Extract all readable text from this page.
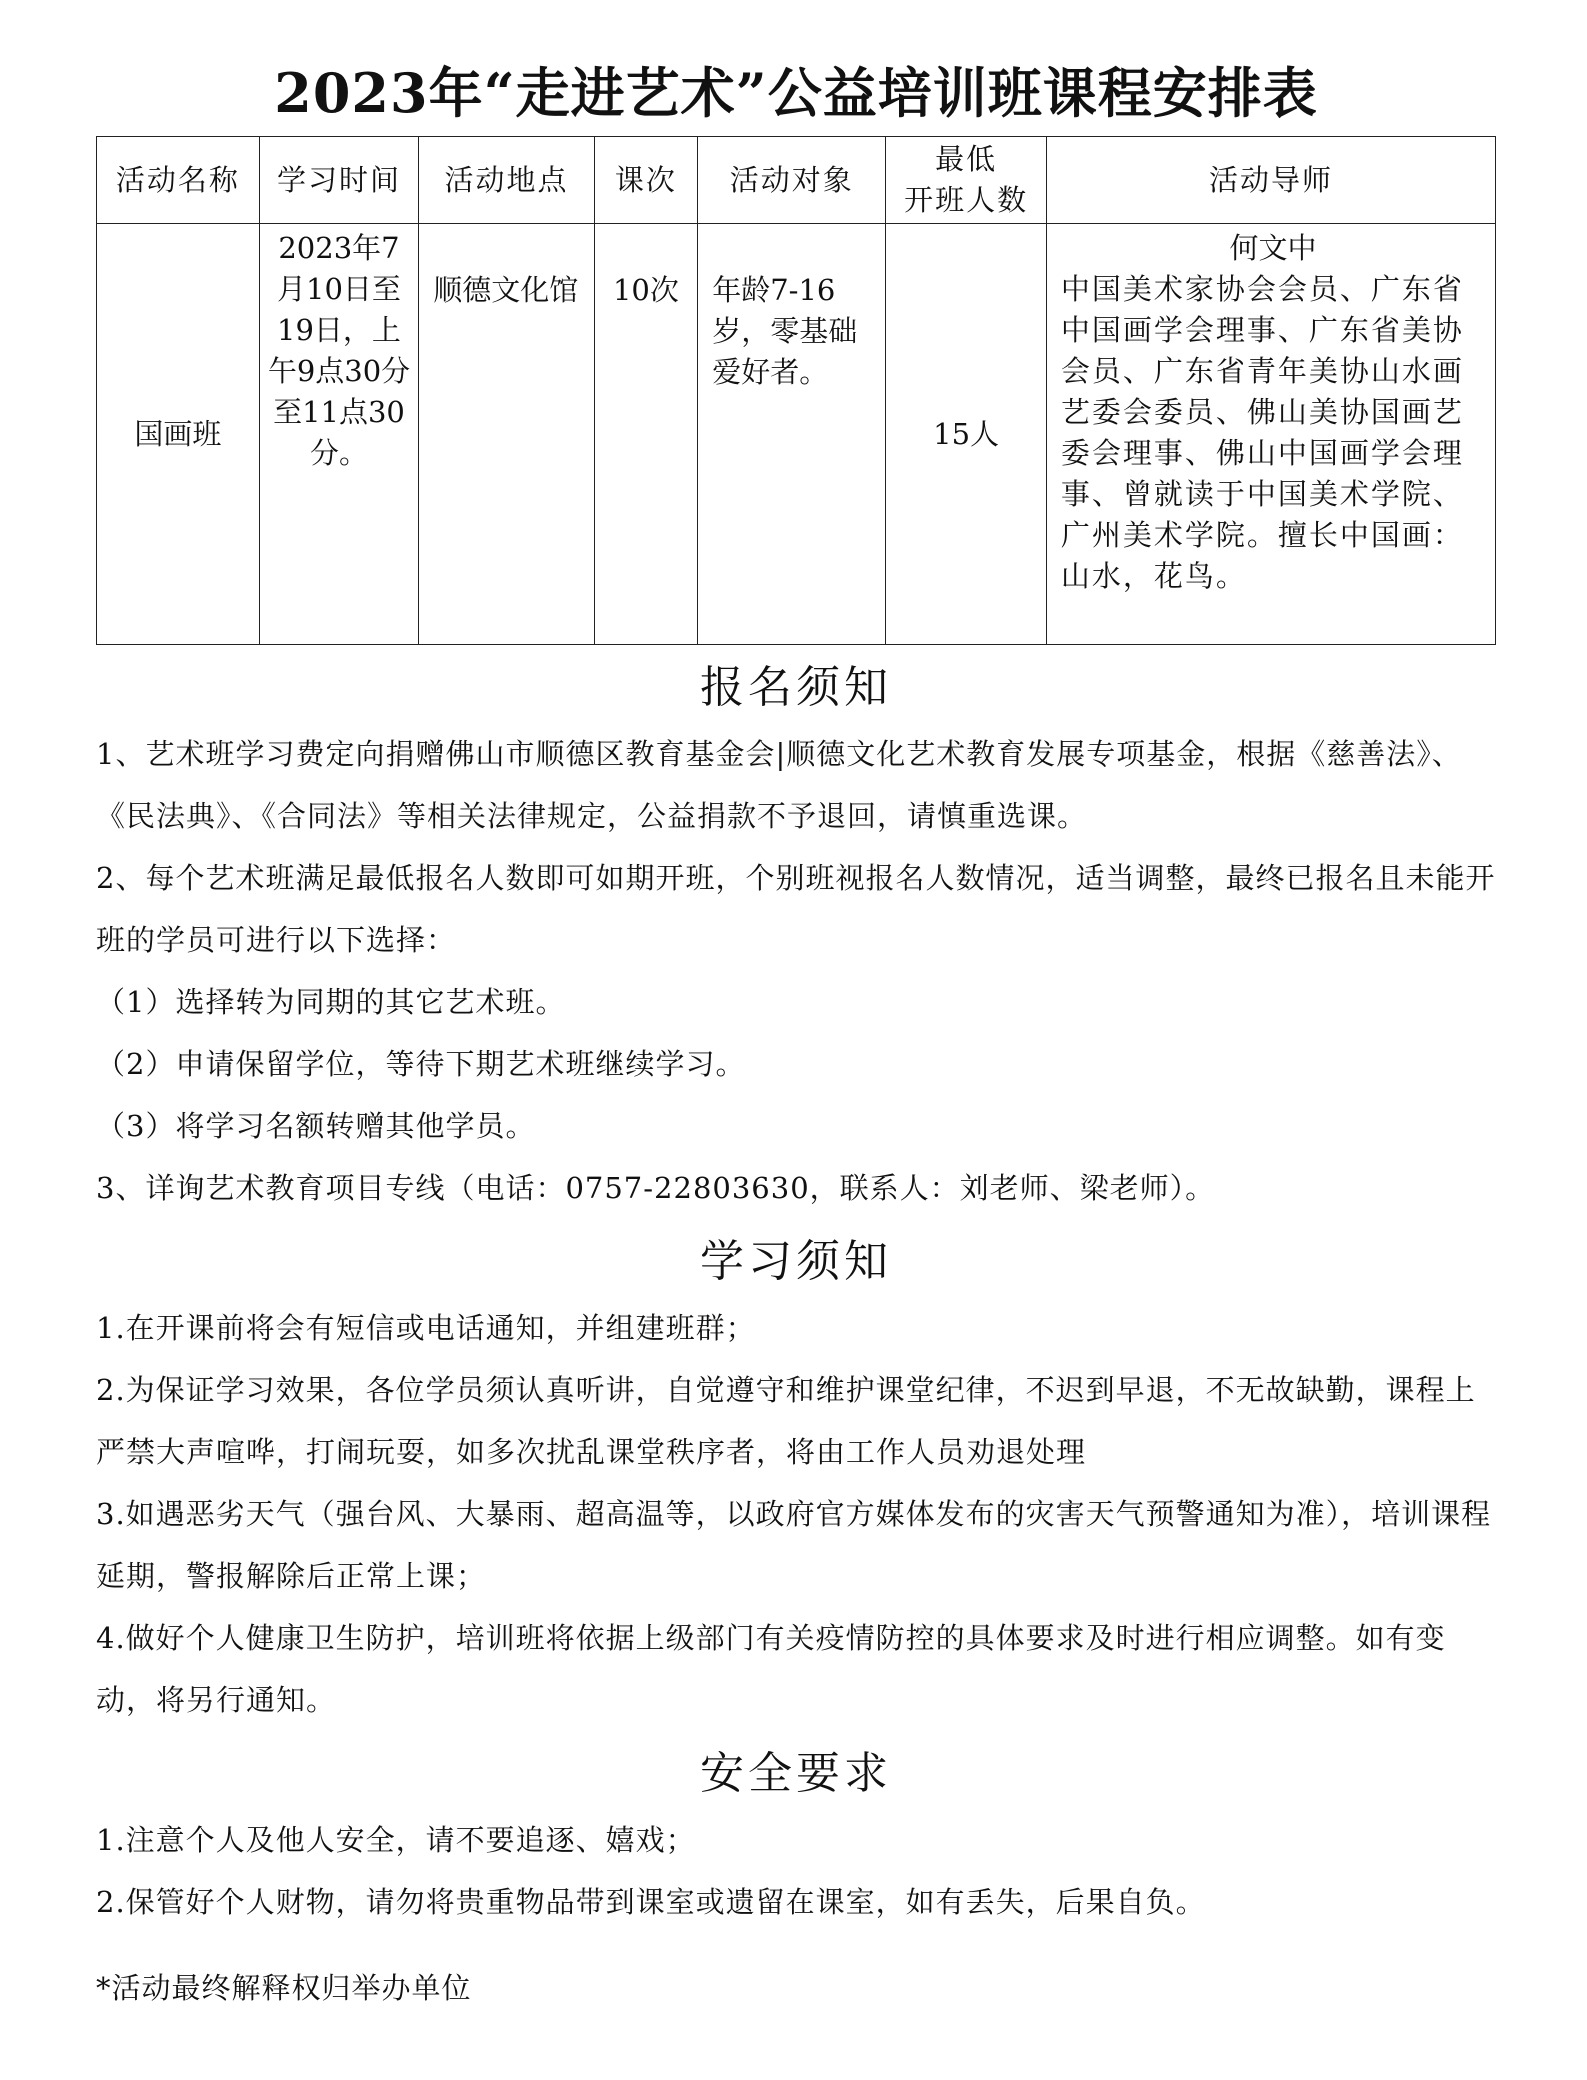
2023年“走进艺术”公益培训班课程安排表
活动名称	学习时间	活动地点	课次	活动对象	最低
开班人数	活动导师
国画班	2023年7月10日至19日，上午9点30分至11点30分。	顺德文化馆	10次	年龄7-16岁，零基础爱好者。	15人	何文中
中国美术家协会会员、广东省中国画学会理事、广东省美协会员、广东省青年美协山水画艺委会委员、佛山美协国画艺委会理事、佛山中国画学会理事、曾就读于中国美术学院、广州美术学院。擅长中国画：山水，花鸟。
报名须知

1、艺术班学习费定向捐赠佛山市顺德区教育基金会|顺德文化艺术教育发展专项基金，根据《慈善法》、《民法典》、《合同法》等相关法律规定，公益捐款不予退回，请慎重选课。

2、每个艺术班满足最低报名人数即可如期开班，个别班视报名人数情况，适当调整，最终已报名且未能开班的学员可进行以下选择：

（1）选择转为同期的其它艺术班。

（2）申请保留学位，等待下期艺术班继续学习。

（3）将学习名额转赠其他学员。

3、详询艺术教育项目专线（电话：0757-22803630，联系人：刘老师、梁老师）。

学习须知

1.在开课前将会有短信或电话通知，并组建班群；

2.为保证学习效果，各位学员须认真听讲，自觉遵守和维护课堂纪律，不迟到早退，不无故缺勤，课程上严禁大声喧哗，打闹玩耍，如多次扰乱课堂秩序者，将由工作人员劝退处理

3.如遇恶劣天气（强台风、大暴雨、超高温等，以政府官方媒体发布的灾害天气预警通知为准），培训课程延期，警报解除后正常上课；

4.做好个人健康卫生防护，培训班将依据上级部门有关疫情防控的具体要求及时进行相应调整。如有变动，将另行通知。

安全要求

1.注意个人及他人安全，请不要追逐、嬉戏；

2.保管好个人财物，请勿将贵重物品带到课室或遗留在课室，如有丢失，后果自负。

*活动最终解释权归举办单位
